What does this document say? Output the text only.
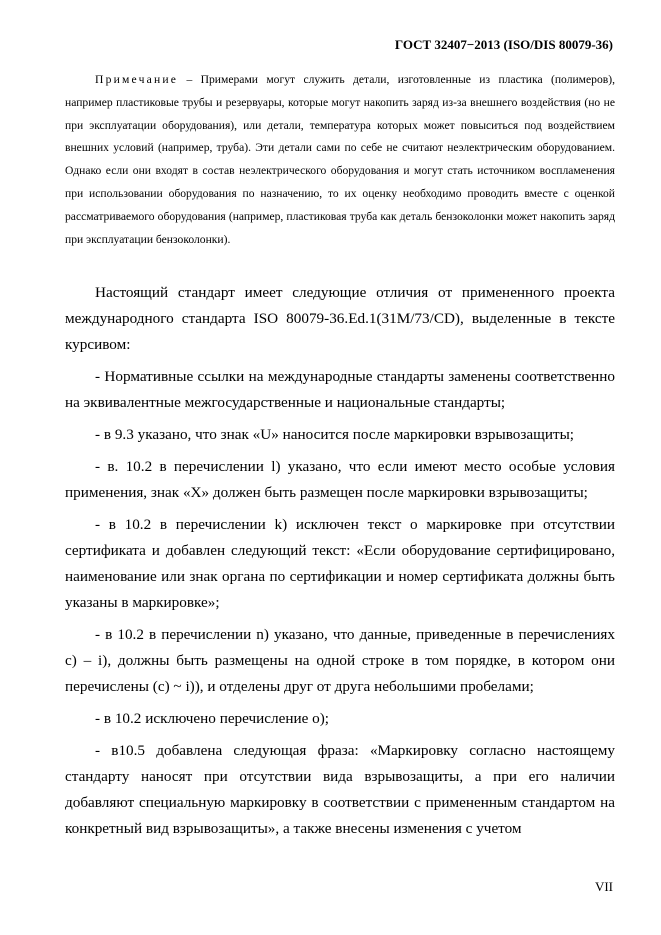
ГОСТ 32407−2013 (ISO/DIS 80079-36)

Примечание – Примерами могут служить детали, изготовленные из пластика (полимеров), например пластиковые трубы и резервуары, которые могут накопить заряд из-за внешнего воздействия (но не при эксплуатации оборудования), или детали, температура которых может повыситься под воздействием внешних условий (например, труба). Эти детали сами по себе не считают неэлектрическим оборудованием. Однако если они входят в состав неэлектрического оборудования и могут стать источником воспламенения при использовании оборудования по назначению, то их оценку необходимо проводить вместе с оценкой рассматриваемого оборудования (например, пластиковая труба как деталь бензоколонки может накопить заряд при эксплуатации бензоколонки).

Настоящий стандарт имеет следующие отличия от примененного проекта международного стандарта ISO 80079-36.Ed.1(31M/73/CD), выделенные в тексте курсивом:

- Нормативные ссылки на международные стандарты заменены соответственно на эквивалентные межгосударственные и национальные стандарты;

- в 9.3 указано, что знак «U» наносится после маркировки взрывозащиты;

- в. 10.2 в перечислении l) указано, что если имеют место особые условия применения, знак «X» должен быть размещен после маркировки взрывозащиты;

- в 10.2 в перечислении k) исключен текст о маркировке при отсутствии сертификата и добавлен следующий текст: «Если оборудование сертифицировано, наименование или знак органа по сертификации и номер сертификата должны быть указаны в маркировке»;

- в 10.2 в перечислении n) указано, что данные, приведенные в перечислениях с) ‒ i), должны быть размещены на одной строке в том порядке, в котором они перечислены (с) ~ i)), и отделены друг от друга небольшими пробелами;

- в 10.2 исключено перечисление о);

- в10.5 добавлена следующая фраза: «Маркировку согласно настоящему стандарту наносят при отсутствии вида взрывозащиты, а при его наличии добавляют специальную маркировку в соответствии с примененным стандартом на конкретный вид взрывозащиты», а также внесены изменения с учетом

VII
